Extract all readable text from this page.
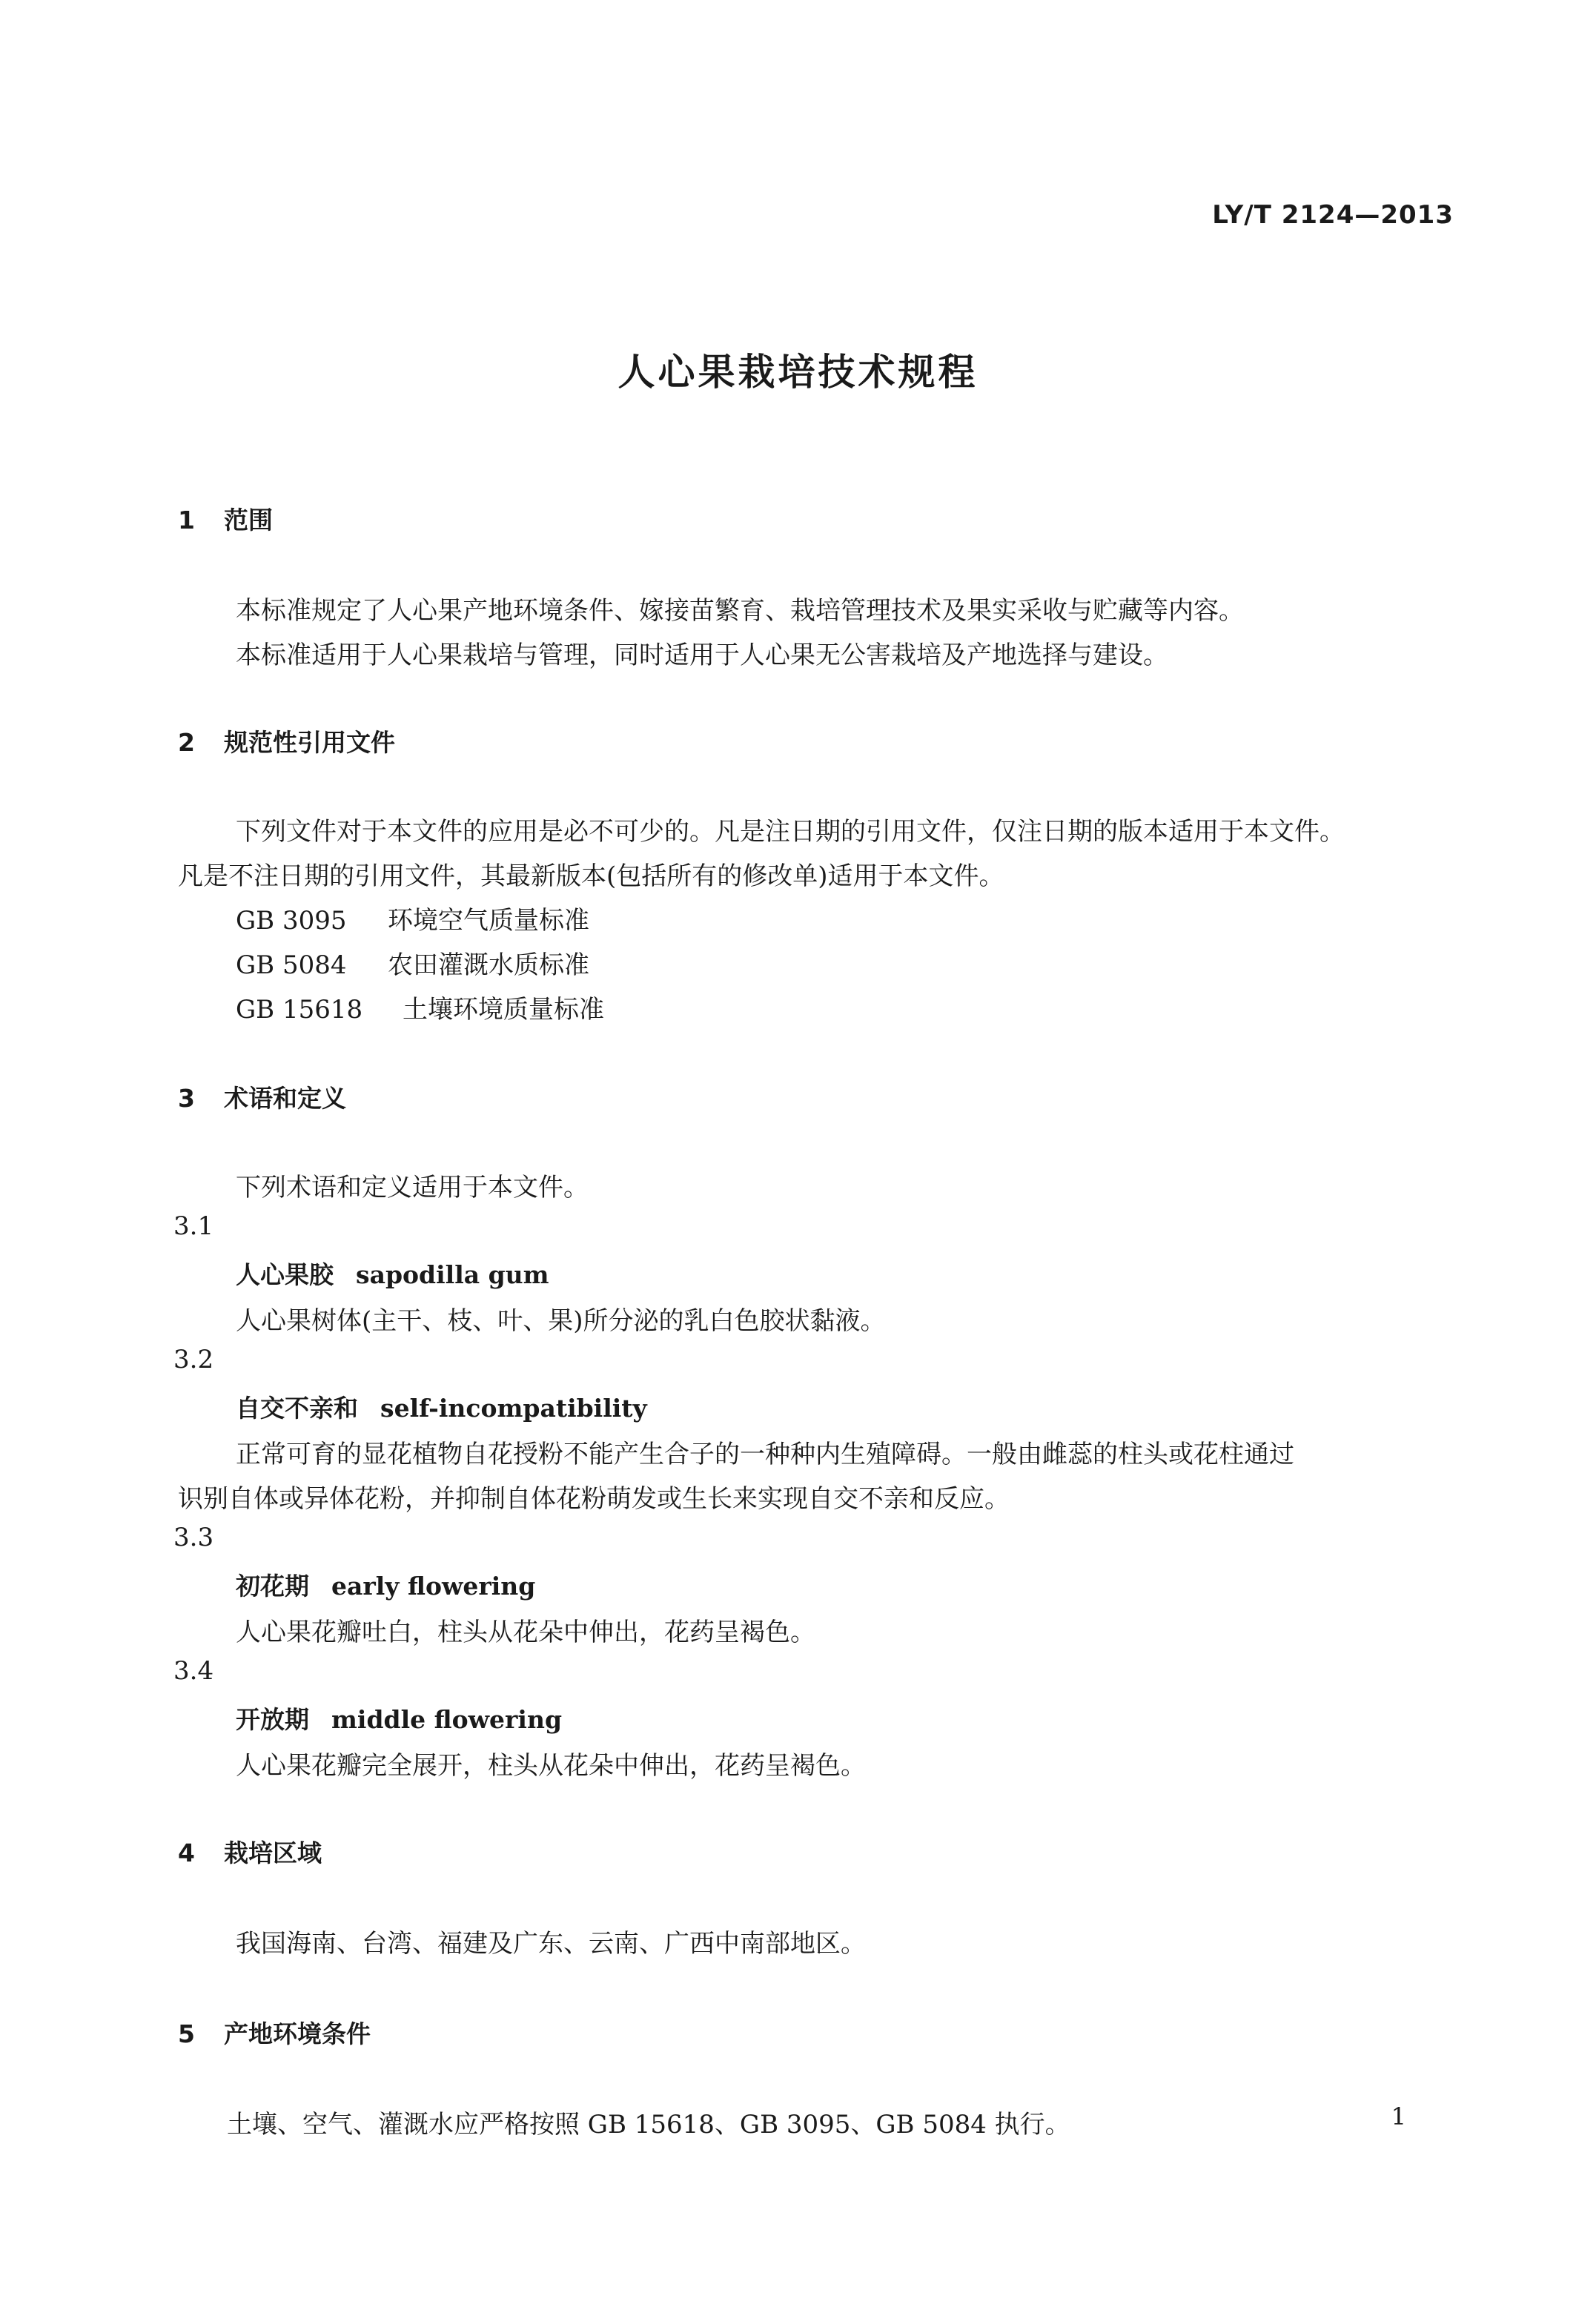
LY/T 2124—2013
人心果栽培技术规程
1 范围
本标准规定了人心果产地环境条件、嫁接苗繁育、栽培管理技术及果实采收与贮藏等内容。
本标准适用于人心果栽培与管理，同时适用于人心果无公害栽培及产地选择与建设。
2 规范性引用文件
下列文件对于本文件的应用是必不可少的。凡是注日期的引用文件，仅注日期的版本适用于本文件。
凡是不注日期的引用文件，其最新版本(包括所有的修改单)适用于本文件。
GB 3095 环境空气质量标准
GB 5084 农田灌溉水质标准
GB 15618 土壤环境质量标准
3 术语和定义
下列术语和定义适用于本文件。
3.1
人心果胶 sapodilla gum
人心果树体(主干、枝、叶、果)所分泌的乳白色胶状黏液。
3.2
自交不亲和 self-incompatibility
正常可育的显花植物自花授粉不能产生合子的一种种内生殖障碍。一般由雌蕊的柱头或花柱通过
识别自体或异体花粉，并抑制自体花粉萌发或生长来实现自交不亲和反应。
3.3
初花期 early flowering
人心果花瓣吐白，柱头从花朵中伸出，花药呈褐色。
3.4
开放期 middle flowering
人心果花瓣完全展开，柱头从花朵中伸出，花药呈褐色。
4 栽培区域
我国海南、台湾、福建及广东、云南、广西中南部地区。
5 产地环境条件
土壤、空气、灌溉水应严格按照 GB 15618、GB 3095、GB 5084 执行。	1
